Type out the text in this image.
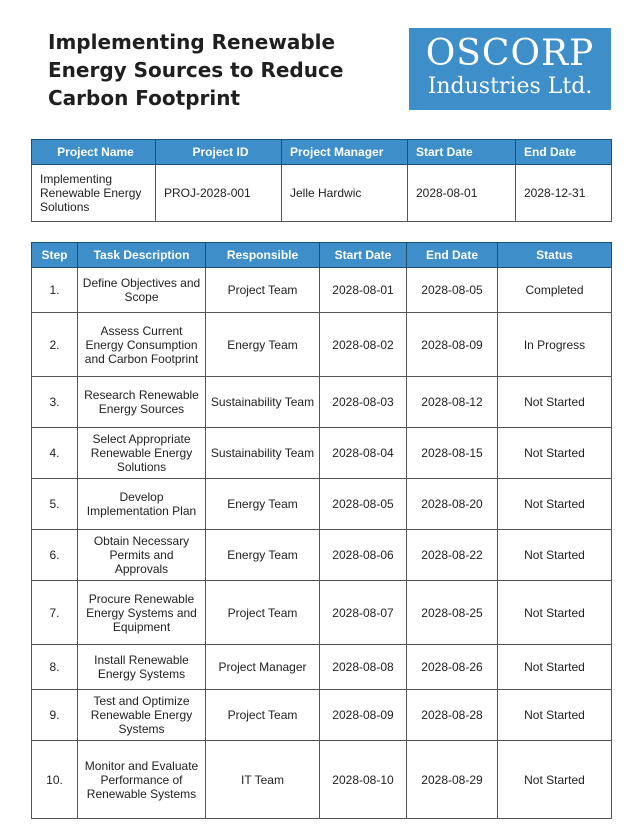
Implementing Renewable
Energy Sources to Reduce
Carbon Footprint
OSCORP
Industries Ltd.
Project Name	Project ID	Project Manager	Start Date	End Date
Implementing Renewable Energy Solutions	PROJ-2028-001	Jelle Hardwic	2028-08-01	2028-12-31
Step	Task Description	Responsible	Start Date	End Date	Status
1.	Define Objectives and Scope	Project Team	2028-08-01	2028-08-05	Completed
2.	Assess Current Energy Consumption and Carbon Footprint	Energy Team	2028-08-02	2028-08-09	In Progress
3.	Research Renewable Energy Sources	Sustainability Team	2028-08-03	2028-08-12	Not Started
4.	Select Appropriate Renewable Energy Solutions	Sustainability Team	2028-08-04	2028-08-15	Not Started
5.	Develop Implementation Plan	Energy Team	2028-08-05	2028-08-20	Not Started
6.	Obtain Necessary Permits and Approvals	Energy Team	2028-08-06	2028-08-22	Not Started
7.	Procure Renewable Energy Systems and Equipment	Project Team	2028-08-07	2028-08-25	Not Started
8.	Install Renewable Energy Systems	Project Manager	2028-08-08	2028-08-26	Not Started
9.	Test and Optimize Renewable Energy Systems	Project Team	2028-08-09	2028-08-28	Not Started
10.	Monitor and Evaluate Performance of Renewable Systems	IT Team	2028-08-10	2028-08-29	Not Started
